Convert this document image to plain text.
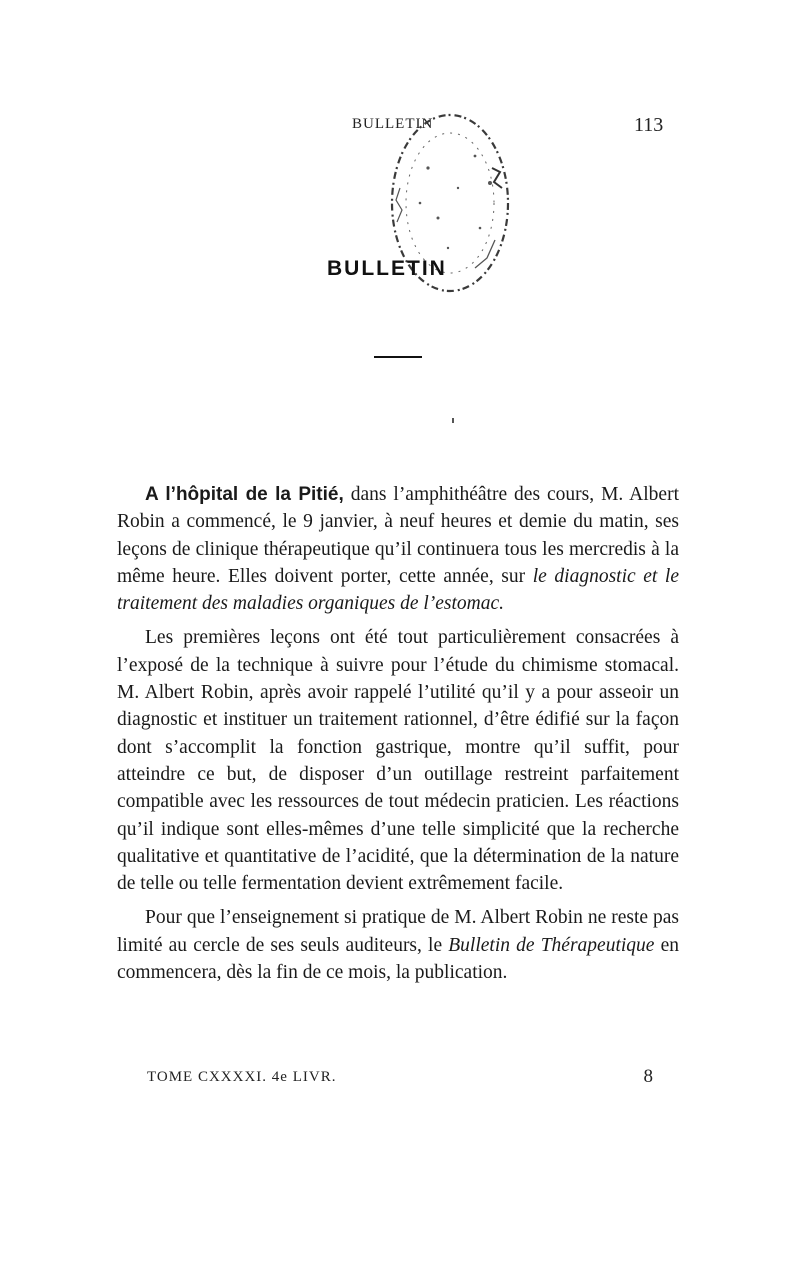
BULLETIN	113
BULLETIN

A l’hôpital de la Pitié, dans l’amphithéâtre des cours, M. Albert Robin a commencé, le 9 janvier, à neuf heures et demie du matin, ses leçons de clinique thérapeutique qu’il continuera tous les mercredis à la même heure. Elles doivent porter, cette année, sur le diagnostic et le traitement des maladies organiques de l’estomac.

Les premières leçons ont été tout particulièrement consacrées à l’exposé de la technique à suivre pour l’étude du chimisme stomacal. M. Albert Robin, après avoir rappelé l’utilité qu’il y a pour asseoir un diagnostic et instituer un traitement rationnel, d’être édifié sur la façon dont s’accomplit la fonction gastrique, montre qu’il suffit, pour atteindre ce but, de disposer d’un outillage restreint parfaitement compatible avec les ressources de tout médecin praticien. Les réactions qu’il indique sont elles-mêmes d’une telle simplicité que la recherche qualitative et quantitative de l’acidité, que la détermination de la nature de telle ou telle fermentation devient extrêmement facile.

Pour que l’enseignement si pratique de M. Albert Robin ne reste pas limité au cercle de ses seuls auditeurs, le Bulletin de Thérapeutique en commencera, dès la fin de ce mois, la publication.

TOME CXXXXI. 4e LIVR.	8
